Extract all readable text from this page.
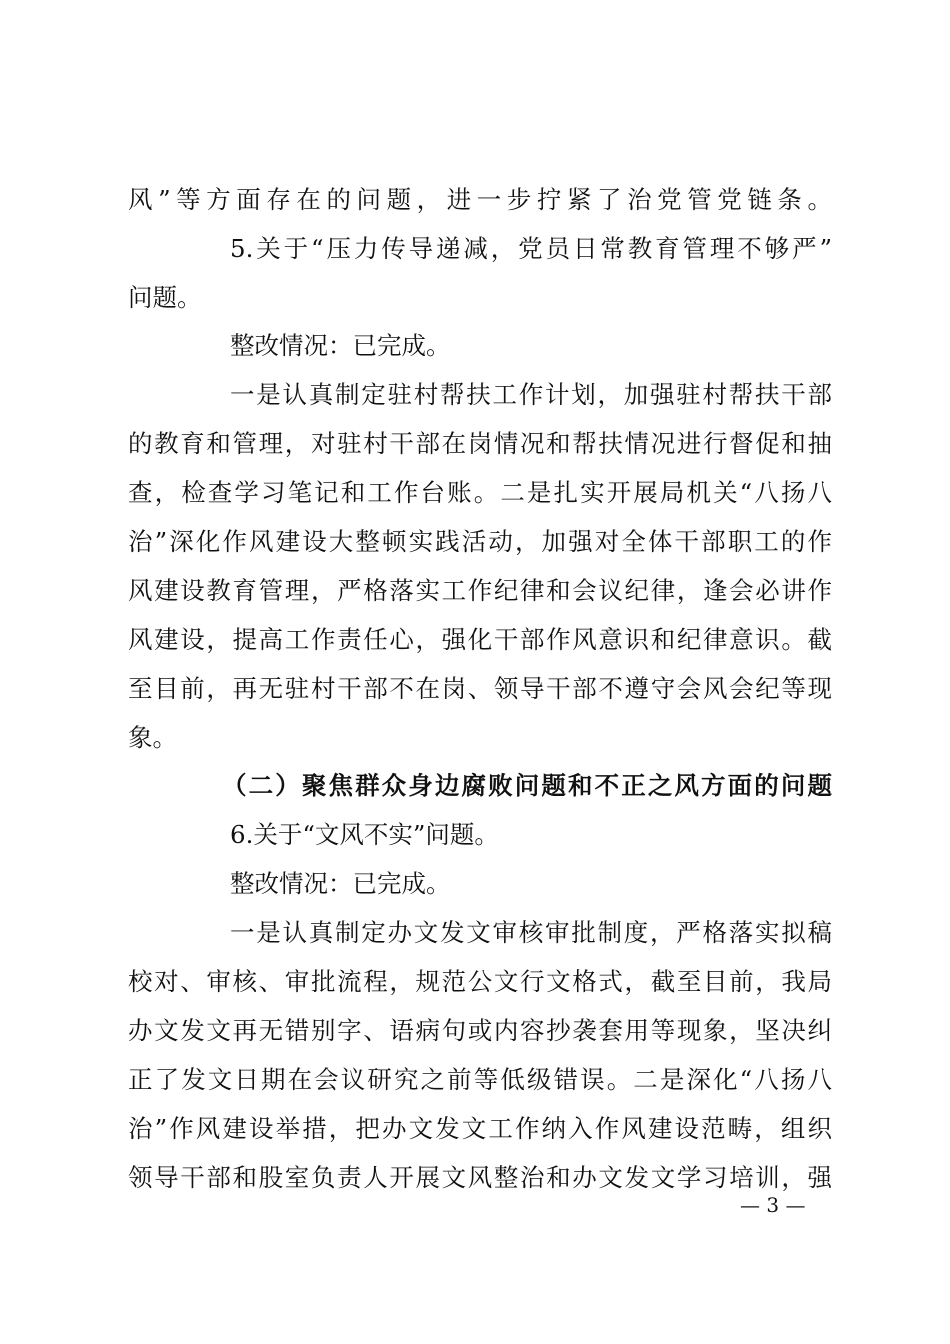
风”等方面存在的问题，进一步拧紧了治党管党链条。
5.关于“压力传导递减，党员日常教育管理不够严”
问题。
整改情况：已完成。
一是认真制定驻村帮扶工作计划，加强驻村帮扶干部
的教育和管理，对驻村干部在岗情况和帮扶情况进行督促和抽
查，检查学习笔记和工作台账。二是扎实开展局机关“八扬八
治”深化作风建设大整顿实践活动，加强对全体干部职工的作
风建设教育管理，严格落实工作纪律和会议纪律，逢会必讲作
风建设，提高工作责任心，强化干部作风意识和纪律意识。截
至目前，再无驻村干部不在岗、领导干部不遵守会风会纪等现
象。
（二）聚焦群众身边腐败问题和不正之风方面的问题
6.关于“文风不实”问题。
整改情况：已完成。
一是认真制定办文发文审核审批制度，严格落实拟稿
校对、审核、审批流程，规范公文行文格式，截至目前，我局
办文发文再无错别字、语病句或内容抄袭套用等现象，坚决纠
正了发文日期在会议研究之前等低级错误。二是深化“八扬八
治”作风建设举措，把办文发文工作纳入作风建设范畴，组织
领导干部和股室负责人开展文风整治和办文发文学习培训，强
— 3 —
